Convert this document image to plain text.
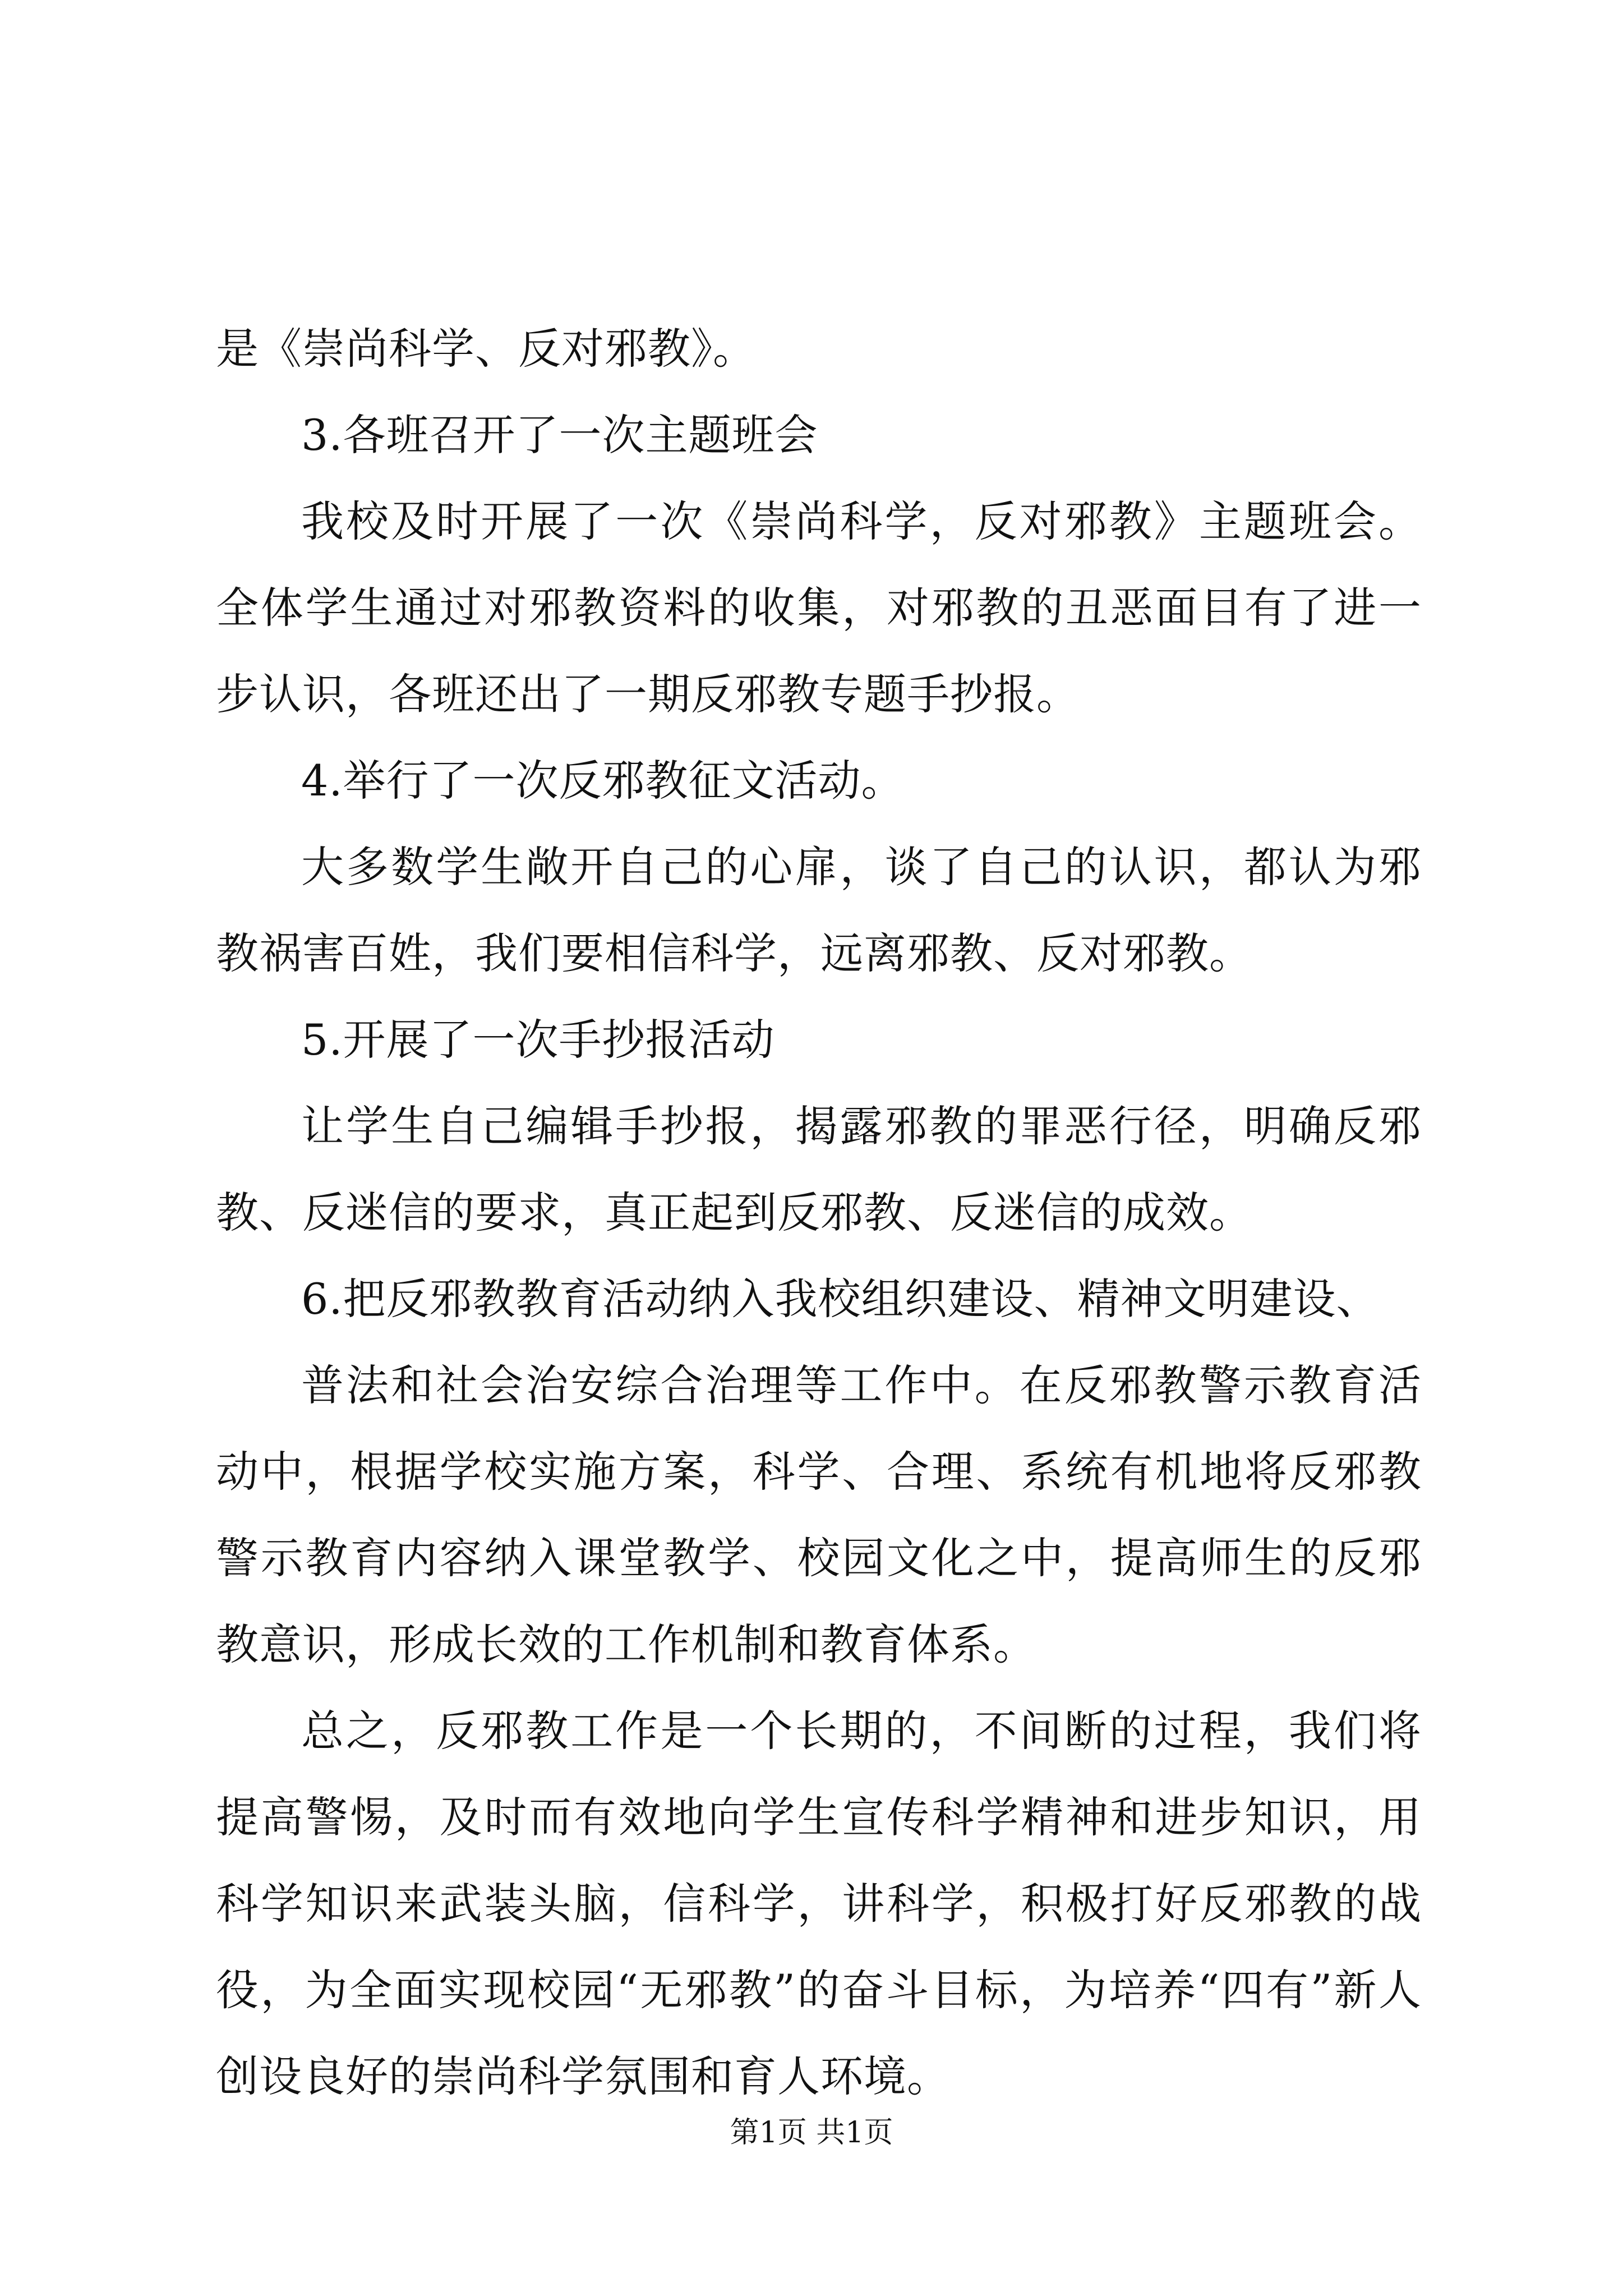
是《崇尚科学、反对邪教》。

3.各班召开了一次主题班会

我校及时开展了一次《崇尚科学，反对邪教》主题班会。全体学生通过对邪教资料的收集，对邪教的丑恶面目有了进一步认识，各班还出了一期反邪教专题手抄报。

4.举行了一次反邪教征文活动。

大多数学生敞开自己的心扉，谈了自己的认识，都认为邪教祸害百姓，我们要相信科学，远离邪教、反对邪教。

5.开展了一次手抄报活动

让学生自己编辑手抄报，揭露邪教的罪恶行径，明确反邪教、反迷信的要求，真正起到反邪教、反迷信的成效。

6.把反邪教教育活动纳入我校组织建设、精神文明建设、

普法和社会治安综合治理等工作中。在反邪教警示教育活动中，根据学校实施方案，科学、合理、系统有机地将反邪教警示教育内容纳入课堂教学、校园文化之中，提高师生的反邪教意识，形成长效的工作机制和教育体系。

总之，反邪教工作是一个长期的，不间断的过程，我们将提高警惕，及时而有效地向学生宣传科学精神和进步知识，用科学知识来武装头脑，信科学，讲科学，积极打好反邪教的战役，为全面实现校园“无邪教”的奋斗目标，为培养“四有”新人创设良好的崇尚科学氛围和育人环境。

第1页 共1页
